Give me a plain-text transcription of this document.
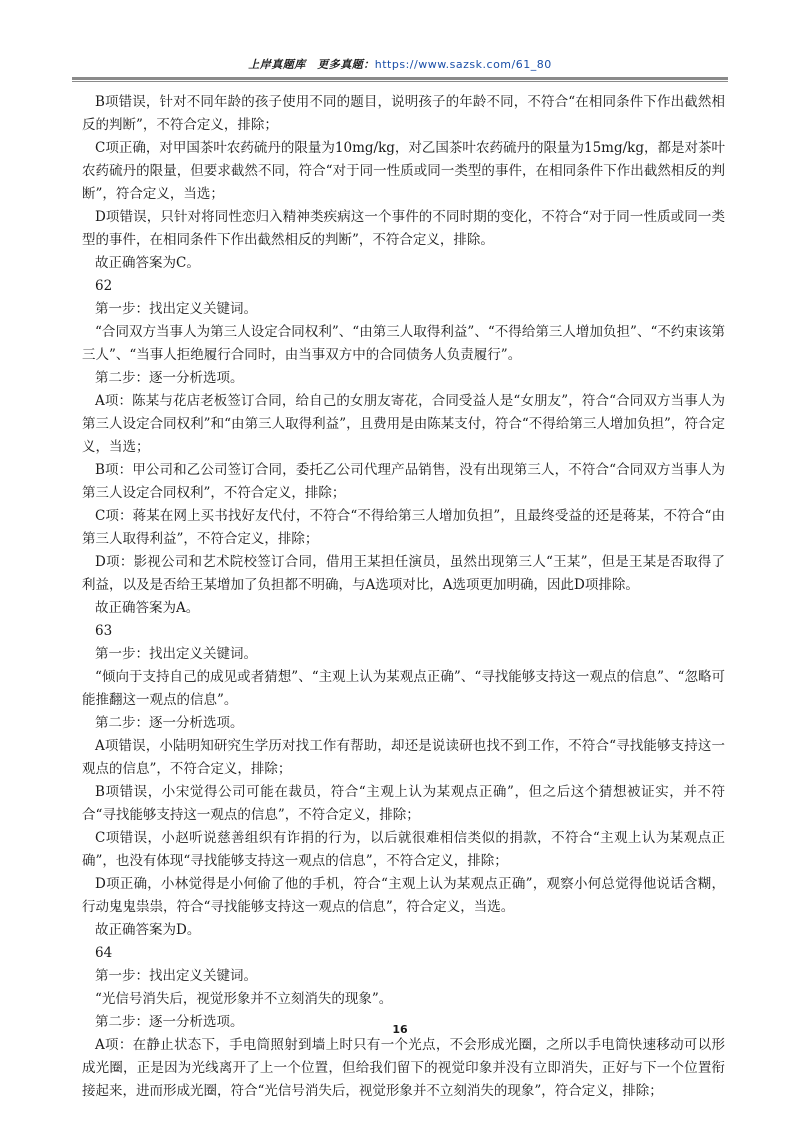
上岸真题库　更多真题：https://www.sazsk.com/61_80

B项错误，针对不同年龄的孩子使用不同的题目，说明孩子的年龄不同，不符合“在相同条件下作出截然相反的判断”，不符合定义，排除；

C项正确，对甲国茶叶农药硫丹的限量为10mg/kg，对乙国茶叶农药硫丹的限量为15mg/kg，都是对茶叶农药硫丹的限量，但要求截然不同，符合“对于同一性质或同一类型的事件，在相同条件下作出截然相反的判断”，符合定义，当选；

D项错误，只针对将同性恋归入精神类疾病这一个事件的不同时期的变化，不符合“对于同一性质或同一类型的事件，在相同条件下作出截然相反的判断”，不符合定义，排除。

故正确答案为C。

62

第一步：找出定义关键词。

“合同双方当事人为第三人设定合同权利”、“由第三人取得利益”、“不得给第三人增加负担”、“不约束该第三人”、“当事人拒绝履行合同时，由当事双方中的合同债务人负责履行”。

第二步：逐一分析选项。

A项：陈某与花店老板签订合同，给自己的女朋友寄花，合同受益人是“女朋友”，符合“合同双方当事人为第三人设定合同权利”和“由第三人取得利益”，且费用是由陈某支付，符合“不得给第三人增加负担”，符合定义，当选；

B项：甲公司和乙公司签订合同，委托乙公司代理产品销售，没有出现第三人，不符合“合同双方当事人为第三人设定合同权利”，不符合定义，排除；

C项：蒋某在网上买书找好友代付，不符合“不得给第三人增加负担”，且最终受益的还是蒋某，不符合“由第三人取得利益”，不符合定义，排除；

D项：影视公司和艺术院校签订合同，借用王某担任演员，虽然出现第三人“王某”，但是王某是否取得了利益，以及是否给王某增加了负担都不明确，与A选项对比，A选项更加明确，因此D项排除。

故正确答案为A。

63

第一步：找出定义关键词。

“倾向于支持自己的成见或者猜想”、“主观上认为某观点正确”、“寻找能够支持这一观点的信息”、“忽略可能推翻这一观点的信息”。

第二步：逐一分析选项。

A项错误，小陆明知研究生学历对找工作有帮助，却还是说读研也找不到工作，不符合“寻找能够支持这一观点的信息”，不符合定义，排除；

B项错误，小宋觉得公司可能在裁员，符合“主观上认为某观点正确”，但之后这个猜想被证实，并不符合“寻找能够支持这一观点的信息”，不符合定义，排除；

C项错误，小赵听说慈善组织有诈捐的行为，以后就很难相信类似的捐款，不符合“主观上认为某观点正确”，也没有体现“寻找能够支持这一观点的信息”，不符合定义，排除；

D项正确，小林觉得是小何偷了他的手机，符合“主观上认为某观点正确”，观察小何总觉得他说话含糊，行动鬼鬼祟祟，符合“寻找能够支持这一观点的信息”，符合定义，当选。

故正确答案为D。

64

第一步：找出定义关键词。

“光信号消失后，视觉形象并不立刻消失的现象”。

第二步：逐一分析选项。

A项：在静止状态下，手电筒照射到墙上时只有一个光点，不会形成光圈，之所以手电筒快速移动可以形成光圈，正是因为光线离开了上一个位置，但给我们留下的视觉印象并没有立即消失，正好与下一个位置衔接起来，进而形成光圈，符合“光信号消失后，视觉形象并不立刻消失的现象”，符合定义，排除；

16
